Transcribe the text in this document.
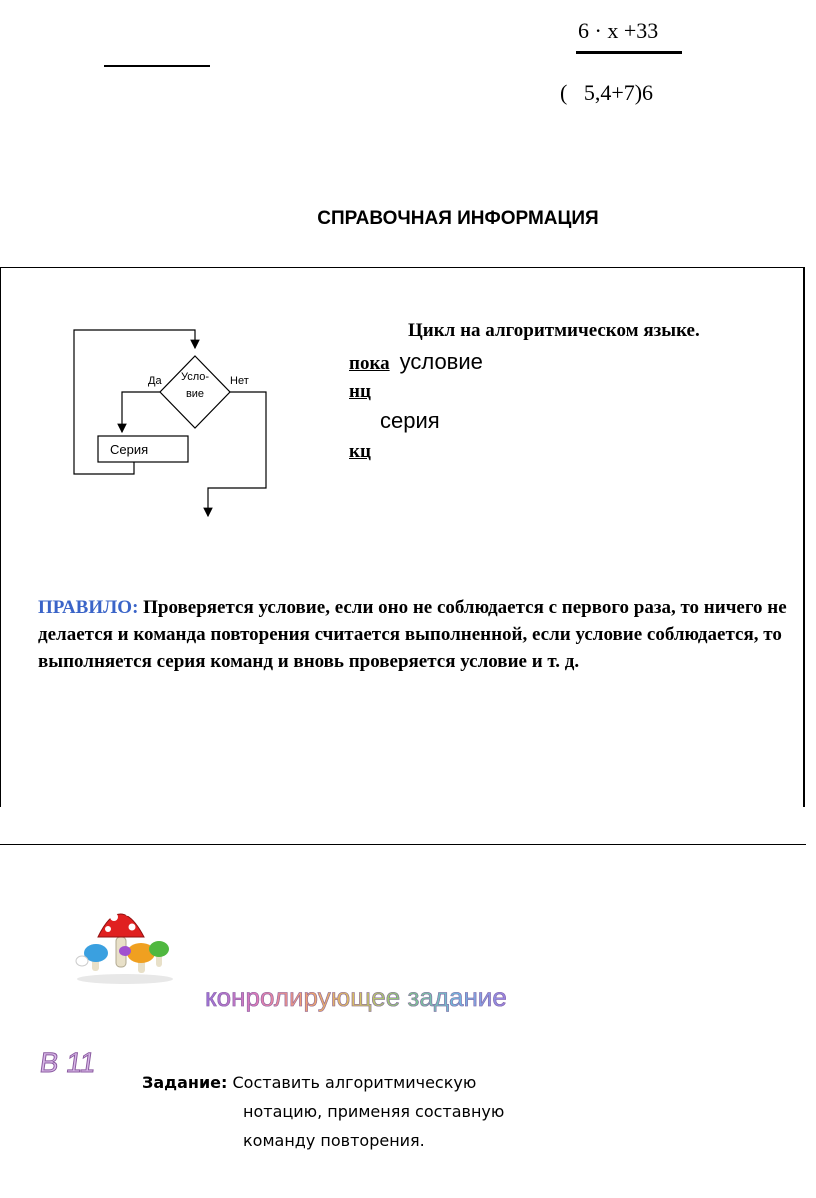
6 · x +33
(   5,4+7)6
СПРАВОЧНАЯ ИНФОРМАЦИЯ
Усло-
вие
Да
Серия
Нет
Цикл на алгоритмическом языке.
пока условие
нц
серия
кц
ПРАВИЛО: Проверяется условие, если оно не соблюдается с первого раза, то ничего не делается и команда повторения считается выполненной, если условие соблюдается, то выполняется серия команд и вновь проверяется условие и т. д.
конролирующее задание
В 11
Задание: Составить алгоритмическую
нотацию, применяя составную
команду повторения.
